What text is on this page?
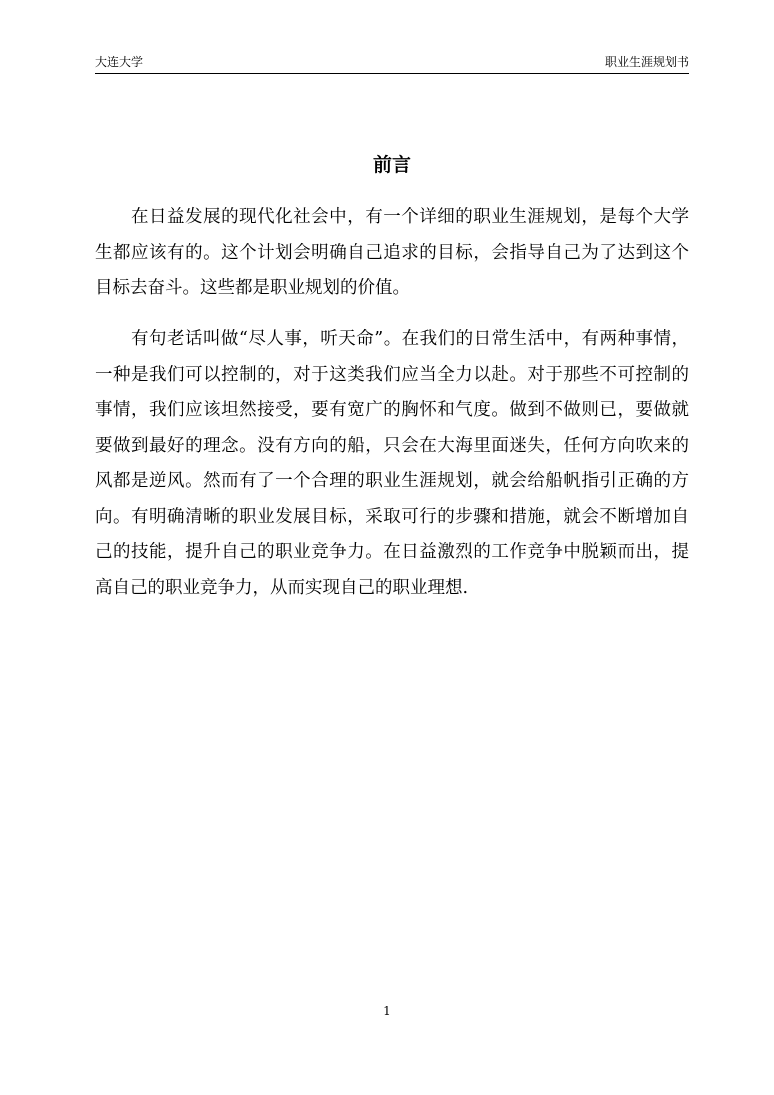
大连大学	职业生涯规划书
前言

在日益发展的现代化社会中，有一个详细的职业生涯规划，是每个大学生都应该有的。这个计划会明确自己追求的目标，会指导自己为了达到这个目标去奋斗。这些都是职业规划的价值。

有句老话叫做“尽人事，听天命”。在我们的日常生活中，有两种事情，一种是我们可以控制的，对于这类我们应当全力以赴。对于那些不可控制的事情，我们应该坦然接受，要有宽广的胸怀和气度。做到不做则已，要做就要做到最好的理念。没有方向的船，只会在大海里面迷失，任何方向吹来的风都是逆风。然而有了一个合理的职业生涯规划，就会给船帆指引正确的方向。有明确清晰的职业发展目标，采取可行的步骤和措施，就会不断增加自己的技能，提升自己的职业竞争力。在日益激烈的工作竞争中脱颖而出，提高自己的职业竞争力，从而实现自己的职业理想.

1
